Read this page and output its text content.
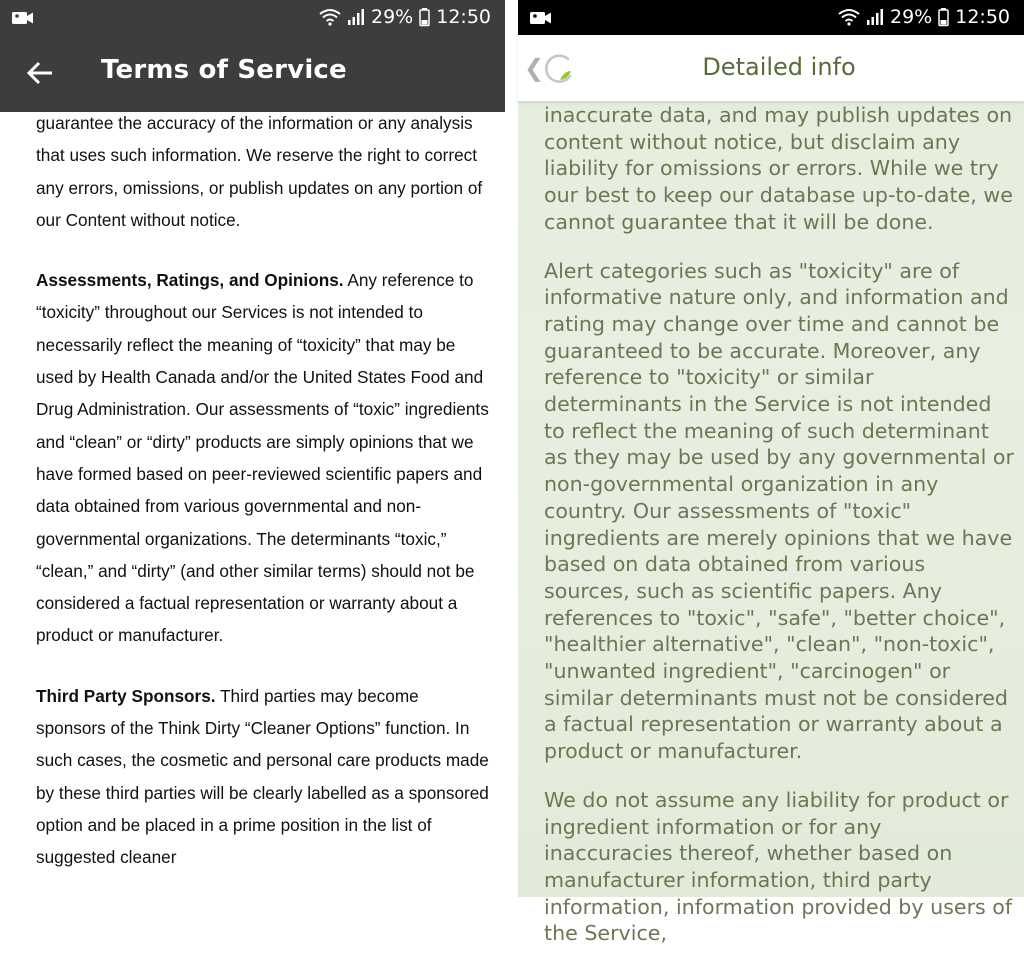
29% 12:50
Terms of Service

guarantee the accuracy of the information or any analysis that uses such information. We reserve the right to correct any errors, omissions, or publish updates on any portion of our Content without notice.

Assessments, Ratings, and Opinions. Any reference to “toxicity” throughout our Services is not intended to necessarily reflect the meaning of “toxicity” that may be used by Health Canada and/or the United States Food and Drug Administration. Our assessments of “toxic” ingredients and “clean” or “dirty” products are simply opinions that we have formed based on peer-reviewed scientific papers and data obtained from various governmental and non-governmental organizations. The determinants “toxic,” “clean,” and “dirty” (and other similar terms) should not be considered a factual representation or warranty about a product or manufacturer.

Third Party Sponsors. Third parties may become sponsors of the Think Dirty “Cleaner Options” function. In such cases, the cosmetic and personal care products made by these third parties will be clearly labelled as a sponsored option and be placed in a prime position in the list of suggested cleaner

29% 12:50
❮	Detailed info

inaccurate data, and may publish updates on content without notice, but disclaim any liability for omissions or errors. While we try our best to keep our database up-to-date, we cannot guarantee that it will be done.

Alert categories such as "toxicity" are of informative nature only, and information and rating may change over time and cannot be guaranteed to be accurate. Moreover, any reference to "toxicity" or similar determinants in the Service is not intended to reflect the meaning of such determinant as they may be used by any governmental or non-governmental organization in any country. Our assessments of "toxic" ingredients are merely opinions that we have based on data obtained from various sources, such as scientific papers. Any references to "toxic", "safe", "better choice", "healthier alternative", "clean", "non-toxic", "unwanted ingredient", "carcinogen" or similar determinants must not be considered a factual representation or warranty about a product or manufacturer.

We do not assume any liability for product or ingredient information or for any inaccuracies thereof, whether based on manufacturer information, third party information, information provided by users of the Service,
